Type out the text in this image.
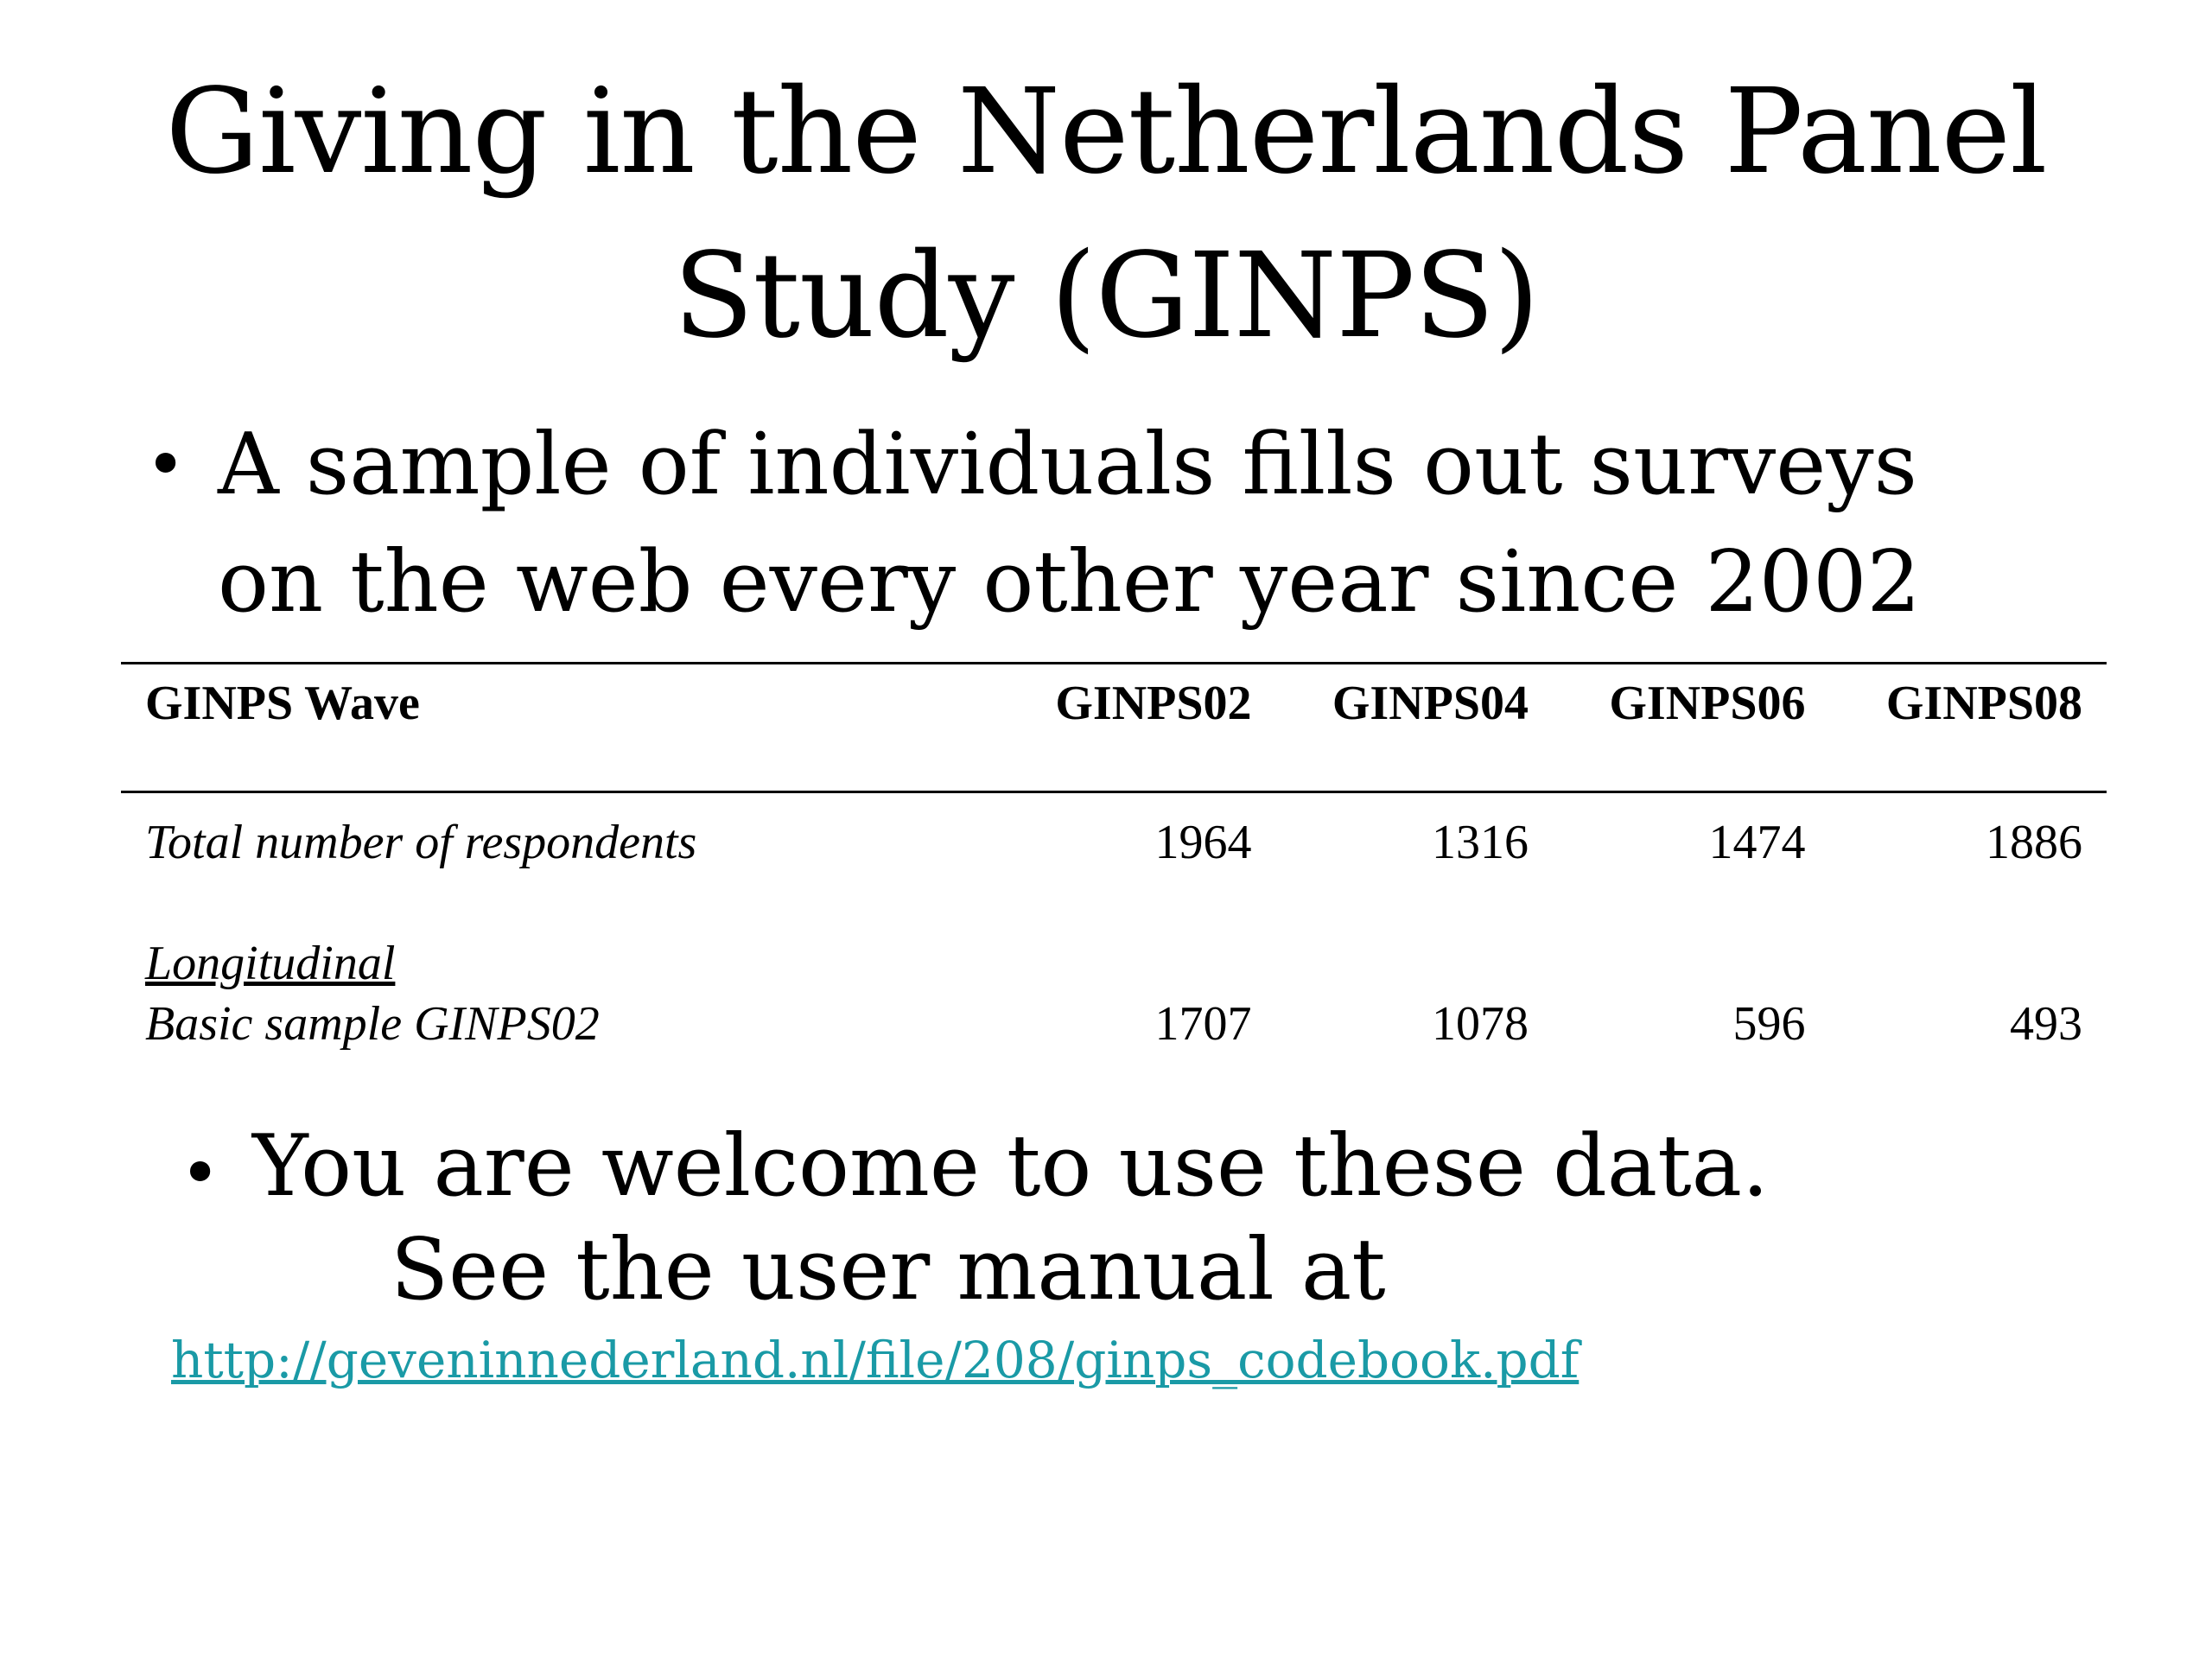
Giving in the Netherlands Panel
Study (GINPS)
• A sample of individuals fills out surveys
on the web every other year since 2002
GINPS Wave	GINPS02	GINPS04	GINPS06	GINPS08
Total number of respondents	1964	1316	1474	1886
Longitudinal				
Basic sample GINPS02	1707	1078	596	493
• You are welcome to use these data.
See the user manual at
http://geveninnederland.nl/file/208/ginps_codebook.pdf
